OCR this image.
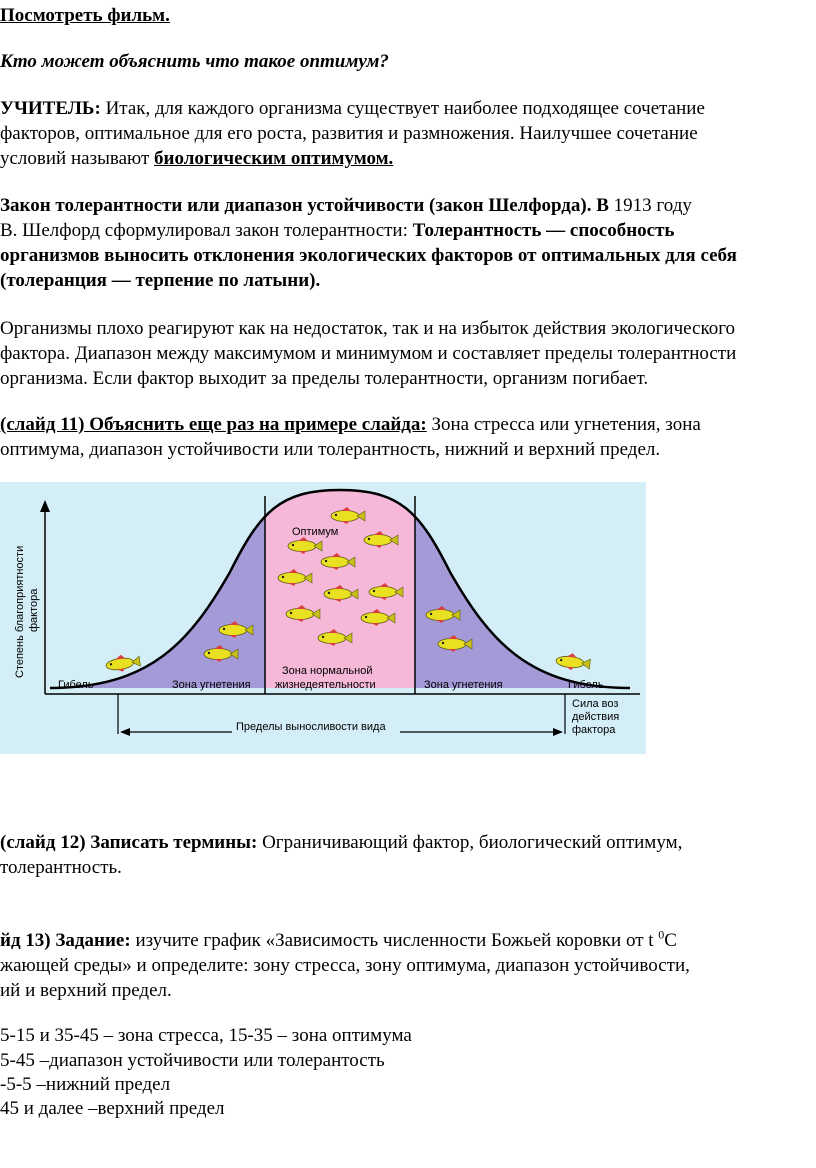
Посмотреть фильм.
Кто может объяснить что такое оптимум?
УЧИТЕЛЬ: Итак, для каждого организма существует наиболее подходящее сочетание
факторов, оптимальное для его роста, развития и размножения. Наилучшее сочетание
условий называют биологическим оптимумом.
Закон толерантности или диапазон устойчивости (закон Шелфорда). В 1913 году
В. Шелфорд сформулировал закон толерантности: Толерантность — способность
организмов выносить отклонения экологических факторов от оптимальных для себя
(толеранция — терпение по латыни).
Организмы плохо реагируют как на недостаток, так и на избыток действия экологического
фактора. Диапазон между максимумом и минимумом и составляет пределы толерантности
организма. Если фактор выходит за пределы толерантности, организм погибает.
(слайд 11) Объяснить еще раз на примере слайда: Зона стресса или угнетения, зона
оптимума, диапазон устойчивости или толерантность, нижний и верхний предел.
Степень благоприятности фактора
Оптимум
Зона нормальной
жизнедеятельности
Зона угнетения	Зона угнетения
Гибель	Гибель
Пределы выносливости вида
Сила воз
действия
фактора
(слайд 12) Записать термины: Ограничивающий фактор, биологический оптимум,
толерантность.
йд 13) Задание: изучите график «Зависимость численности Божьей коровки от t $^0$С
жающей среды» и определите: зону стресса, зону оптимума, диапазон устойчивости,
ий и верхний предел.
5-15 и 35-45 – зона стресса, 15-35 – зона оптимума
5-45 –диапазон устойчивости или толерантость
-5-5 –нижний предел
45 и далее –верхний предел
